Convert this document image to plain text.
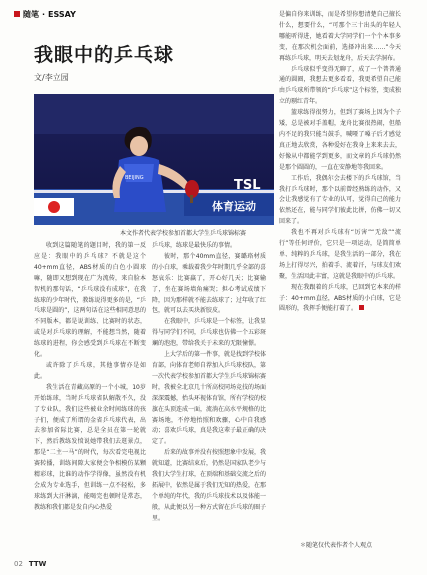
随笔 · ESSAY
我眼中的乒乓球
文/李立园
体育运动
TSL
BEIJING
本文作者代表学校参加首都大学生乒乓球锦标赛

收到这篇随笔的题目时，我的第一反应是：我眼中的乒乓球？不就是这个40+mm直径，ABS材质的白色小圆球嘛，随即又想到现在广为流传，来自脸本智机的那句话，“乒乓球没有成球”，在我练球的少年时代，教练说得更多的是，“乒乓球是圆的”，这两句话在这些相同意思的不同版本，都是说训练、比赛时的状态，或是对乒乓球的理解，不能想当然，随着练球的进程，你会感受到乒乓球在不断变化。

或许除了乒乓球，其他事情亦是如此。

我生活在青藏高原的一个小城，10岁开始练球，当时乒乓球省队解散不久，没了专业队，我们这些被业余时间练球的孩子们，便成了所谓的金省乒乓球代表，出去参加省际比赛，总是全员在第一轮就下，然后教练发愤说她带我们去逛景点，那是“二主一马”的时代，每次看完电视比赛转播，训练间隙大家便会争相模仿某颗精彩球，比谁的动作学得像，虽然没有机会成为专业选手，但训练一点不轻松，多球练到大汗淋漓，能喝完也顿时是常态，教练和我们都是发自内心热爱

乒乓球，练球是最快乐的事情。

彼时，那个40mm直径，赛璐珞材质的小白球，乘载着我少年时期几乎全部的喜怒哀乐：比赛赢了，开心好几天；比赛输了，坐在赛场墙角痛哭；担心考试成绩下降，因为那样就不能去练球了；过年收了红包，就可以去买块新胶皮。

在我眼中，乒乓球是一个标签，让我显得与同学们不同，乒乓球也仿佛一个五彩斑斓的泡泡，带给我关于未来的无限憧憬。

上大学后的第一件事，就是找到学校体育部，向体育老师自荐加入乒乓球校队，第一次代表学校参加首都大学生乒乓球锦标赛时，我被全北京几十所高校同场竞技的场面深深震撼，抬头环视体育馆，所有学校的校旗在头顶连成一面，流淌在高水平规格的比赛场地，不停地抬照和欢骤，心中自我感动；喜欢乒乓球，真是我这辈子最正确的决定了。

后来的故事并没有按照想象中发展，我就知道，比赛结束后，仍然是国家队老少与我们大学生打球，在顶端和基础交流之后的拓展中，依然是属于我们无知的热爱，在那个单纯的年代，我的乒乓球技术以及体能一般，从此便以另一种方式留在乒乓球的圈子里。

是偏自你来训练，而是希望你想清楚自己擅长什么，想要什么，“可那个三十出头的年轻人哪能听得进，她看着大学同学们一个个本事多变，在那次机会面前，选择冲出来……”今天再练乒乓球，明天去划龙舟，后天去学洞布。

乒乓球似乎变得无聊了，成了一个普普通通的圆圈，我想去更多看看，我更希望自己能由乒乓球所带领的“乒乓球”这个标签，变成独立的剔红青年。

篮球练得很努力，但到了赛场上因为个子矮，总是被对手盖帽，龙舟比赛很热闹，但船内不足的我只能当鼓手，喊哑了嗓子后才感觉真正地去欣赏，各种爱好在我身上来来去去，好像从中都能学到更多，而文章的乒乓球仍然是那个圆圆的，一直在安静地等我回来。

工作后，我偶尔会去楼下的乒乓球馆，当我打乒乓球时，那个以前曾经熟练的动作，又会让我感觉有了专业的认可，觉得自己的能力依然还在，能与同学们彼此比拼，仿佛一切又回来了。

我也不再对乒乓球有“厉害”“无敌”“流行”等任何评价，它只是一项运动，是简简单单、纯粹的乒乓球，是我生活的一部分，我在场上打得尽兴，拍着手、流着汗，与球友们欢聚，生活因此丰富，这就是我眼中的乒乓球。

现在我跟着的乒乓球，已回到它本来的样子：40+mm直径，ABS材质的小白球，它是圆形的，我挥手便能打着了。

＊随笔仅代表作者个人观点
02 TTW
